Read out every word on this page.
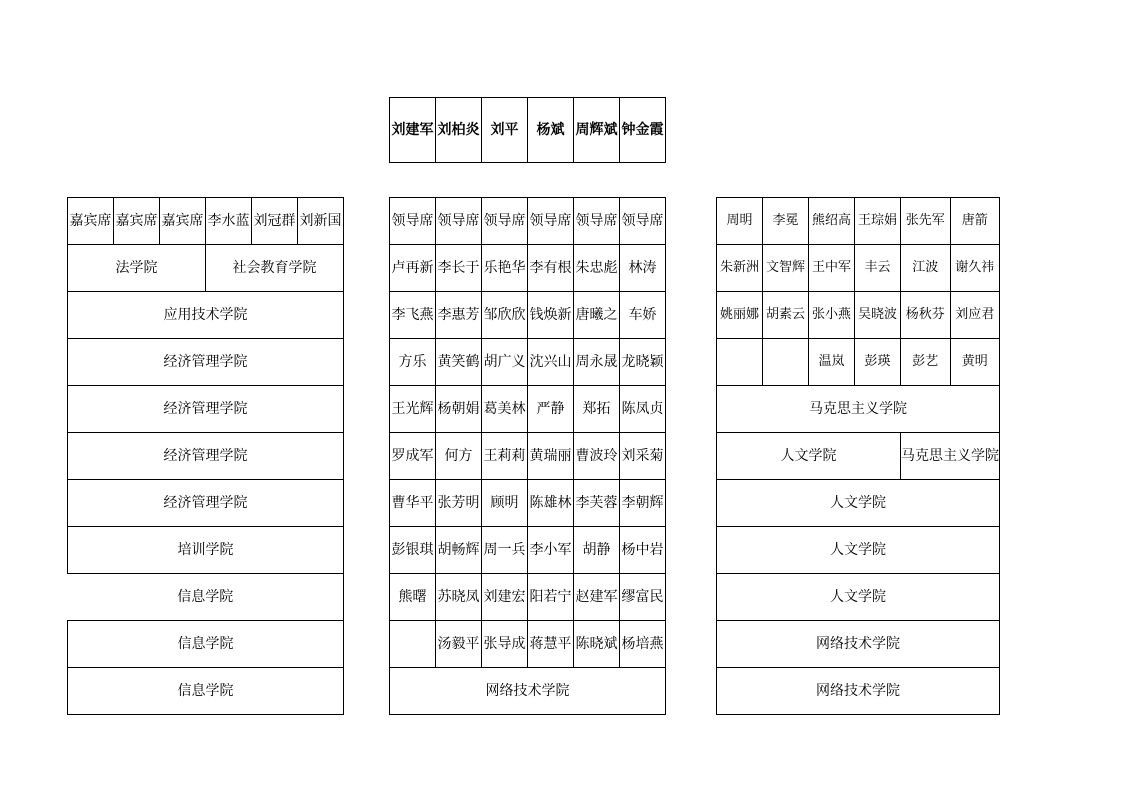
刘建军	刘柏炎	刘平	杨斌	周辉斌	钟金霞
嘉宾席	嘉宾席	嘉宾席	李水蓝	刘冠群	刘新国
法学院			社会教育学院		
应用技术学院					
经济管理学院					
经济管理学院					
经济管理学院					
经济管理学院					
培训学院					
信息学院					
信息学院					
信息学院					
领导席	领导席	领导席	领导席	领导席	领导席
卢再新	李长于	乐艳华	李有根	朱忠彪	林涛
李飞燕	李惠芳	邹欣欣	钱焕新	唐曦之	车娇
方乐	黄笑鹤	胡广义	沈兴山	周永晟	龙晓颖
王光辉	杨朝娟	葛美林	严静	郑拓	陈凤贞
罗成军	何方	王莉莉	黄瑞丽	曹波玲	刘采菊
曹华平	张芳明	顾明	陈雄林	李芙蓉	李朝辉
彭银琪	胡畅辉	周一兵	李小军	胡静	杨中岩
熊曙	苏晓凤	刘建宏	阳若宁	赵建军	缪富民
	汤毅平	张导成	蒋慧平	陈晓斌	杨培燕
网络技术学院					
周明	李冕	熊绍高	王琮娟	张先军	唐箭
朱新洲	文智辉	王中军	丰云	江波	谢久祎
姚丽娜	胡素云	张小燕	吴晓波	杨秋芬	刘应君
		温岚	彭瑛	彭艺	黄明
马克思主义学院					
人文学院				马克思主义学院	
人文学院					
人文学院					
人文学院					
网络技术学院					
网络技术学院					
